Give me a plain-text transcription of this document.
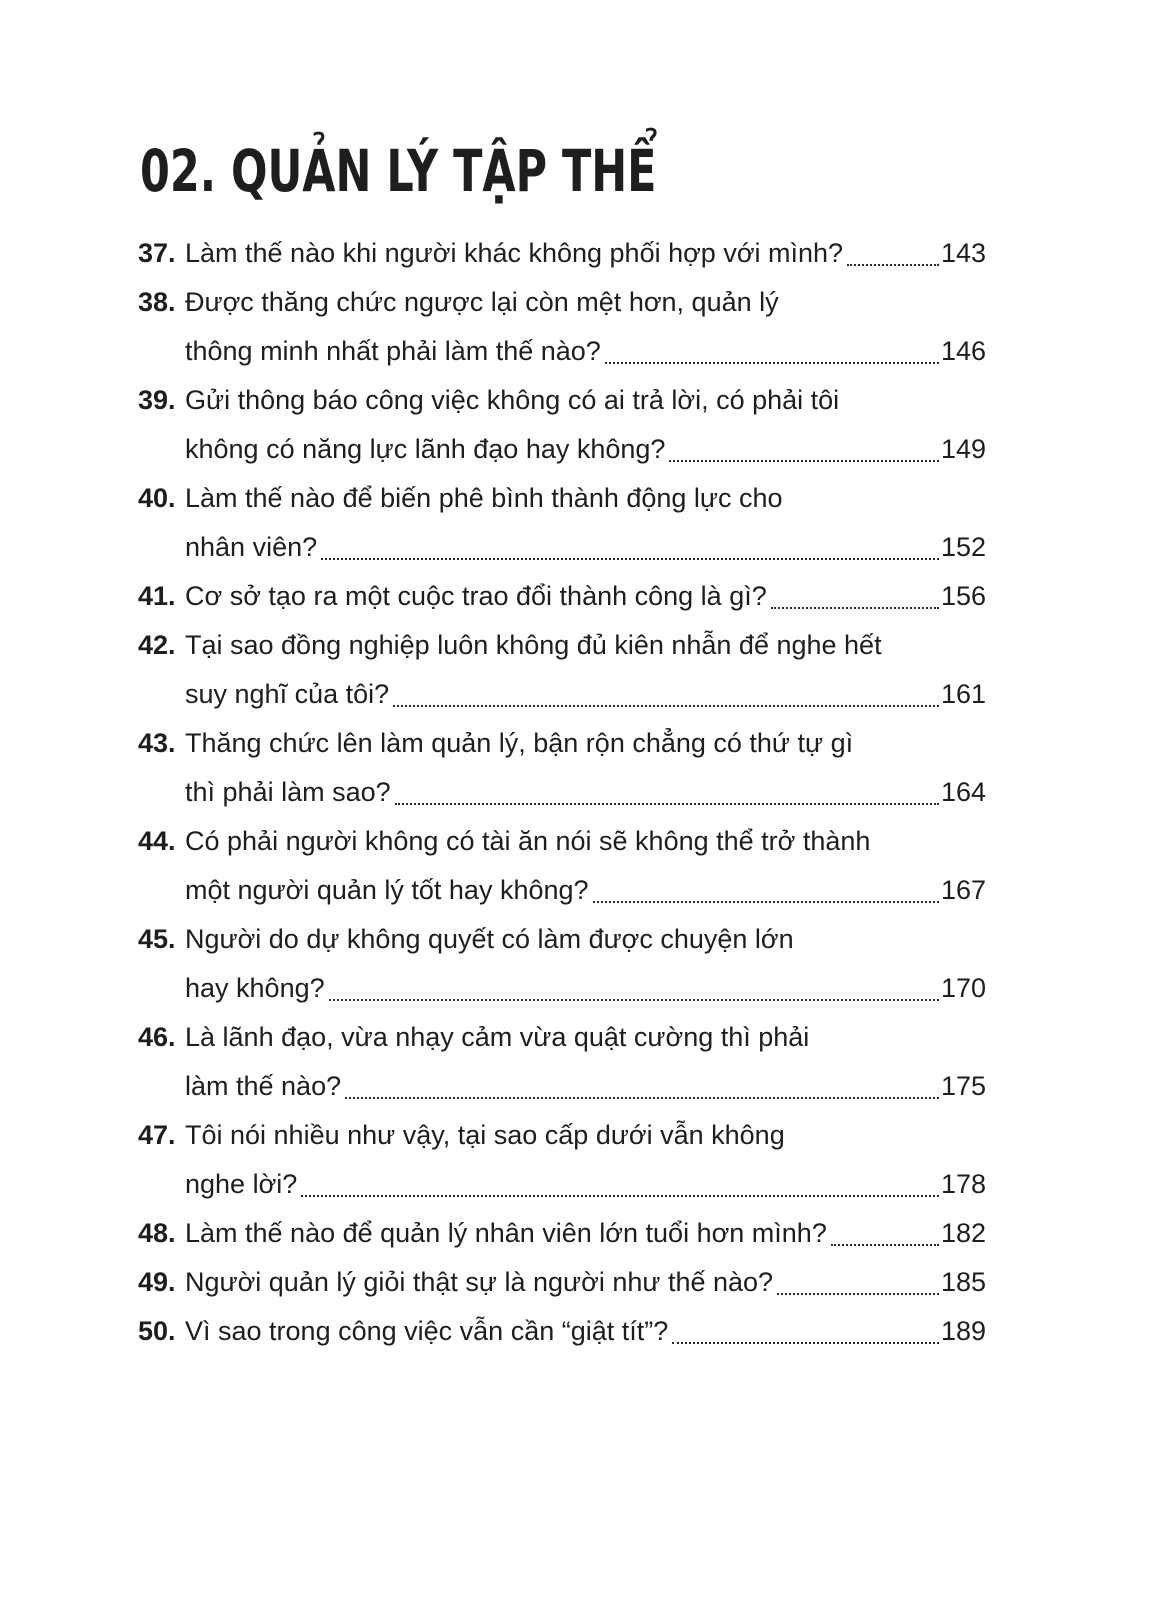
02. QUẢN LÝ TẬP THỂ
37. Làm thế nào khi người khác không phối hợp với mình?	143
38. Được thăng chức ngược lại còn mệt hơn, quản lý
thông minh nhất phải làm thế nào?	146
39. Gửi thông báo công việc không có ai trả lời, có phải tôi
không có năng lực lãnh đạo hay không?	149
40. Làm thế nào để biến phê bình thành động lực cho
nhân viên?	152
41. Cơ sở tạo ra một cuộc trao đổi thành công là gì?	156
42. Tại sao đồng nghiệp luôn không đủ kiên nhẫn để nghe hết
suy nghĩ của tôi?	161
43. Thăng chức lên làm quản lý, bận rộn chẳng có thứ tự gì
thì phải làm sao?	164
44. Có phải người không có tài ăn nói sẽ không thể trở thành
một người quản lý tốt hay không?	167
45. Người do dự không quyết có làm được chuyện lớn
hay không?	170
46. Là lãnh đạo, vừa nhạy cảm vừa quật cường thì phải
làm thế nào?	175
47. Tôi nói nhiều như vậy, tại sao cấp dưới vẫn không
nghe lời?	178
48. Làm thế nào để quản lý nhân viên lớn tuổi hơn mình?	182
49. Người quản lý giỏi thật sự là người như thế nào?	185
50. Vì sao trong công việc vẫn cần “giật tít”?	189
